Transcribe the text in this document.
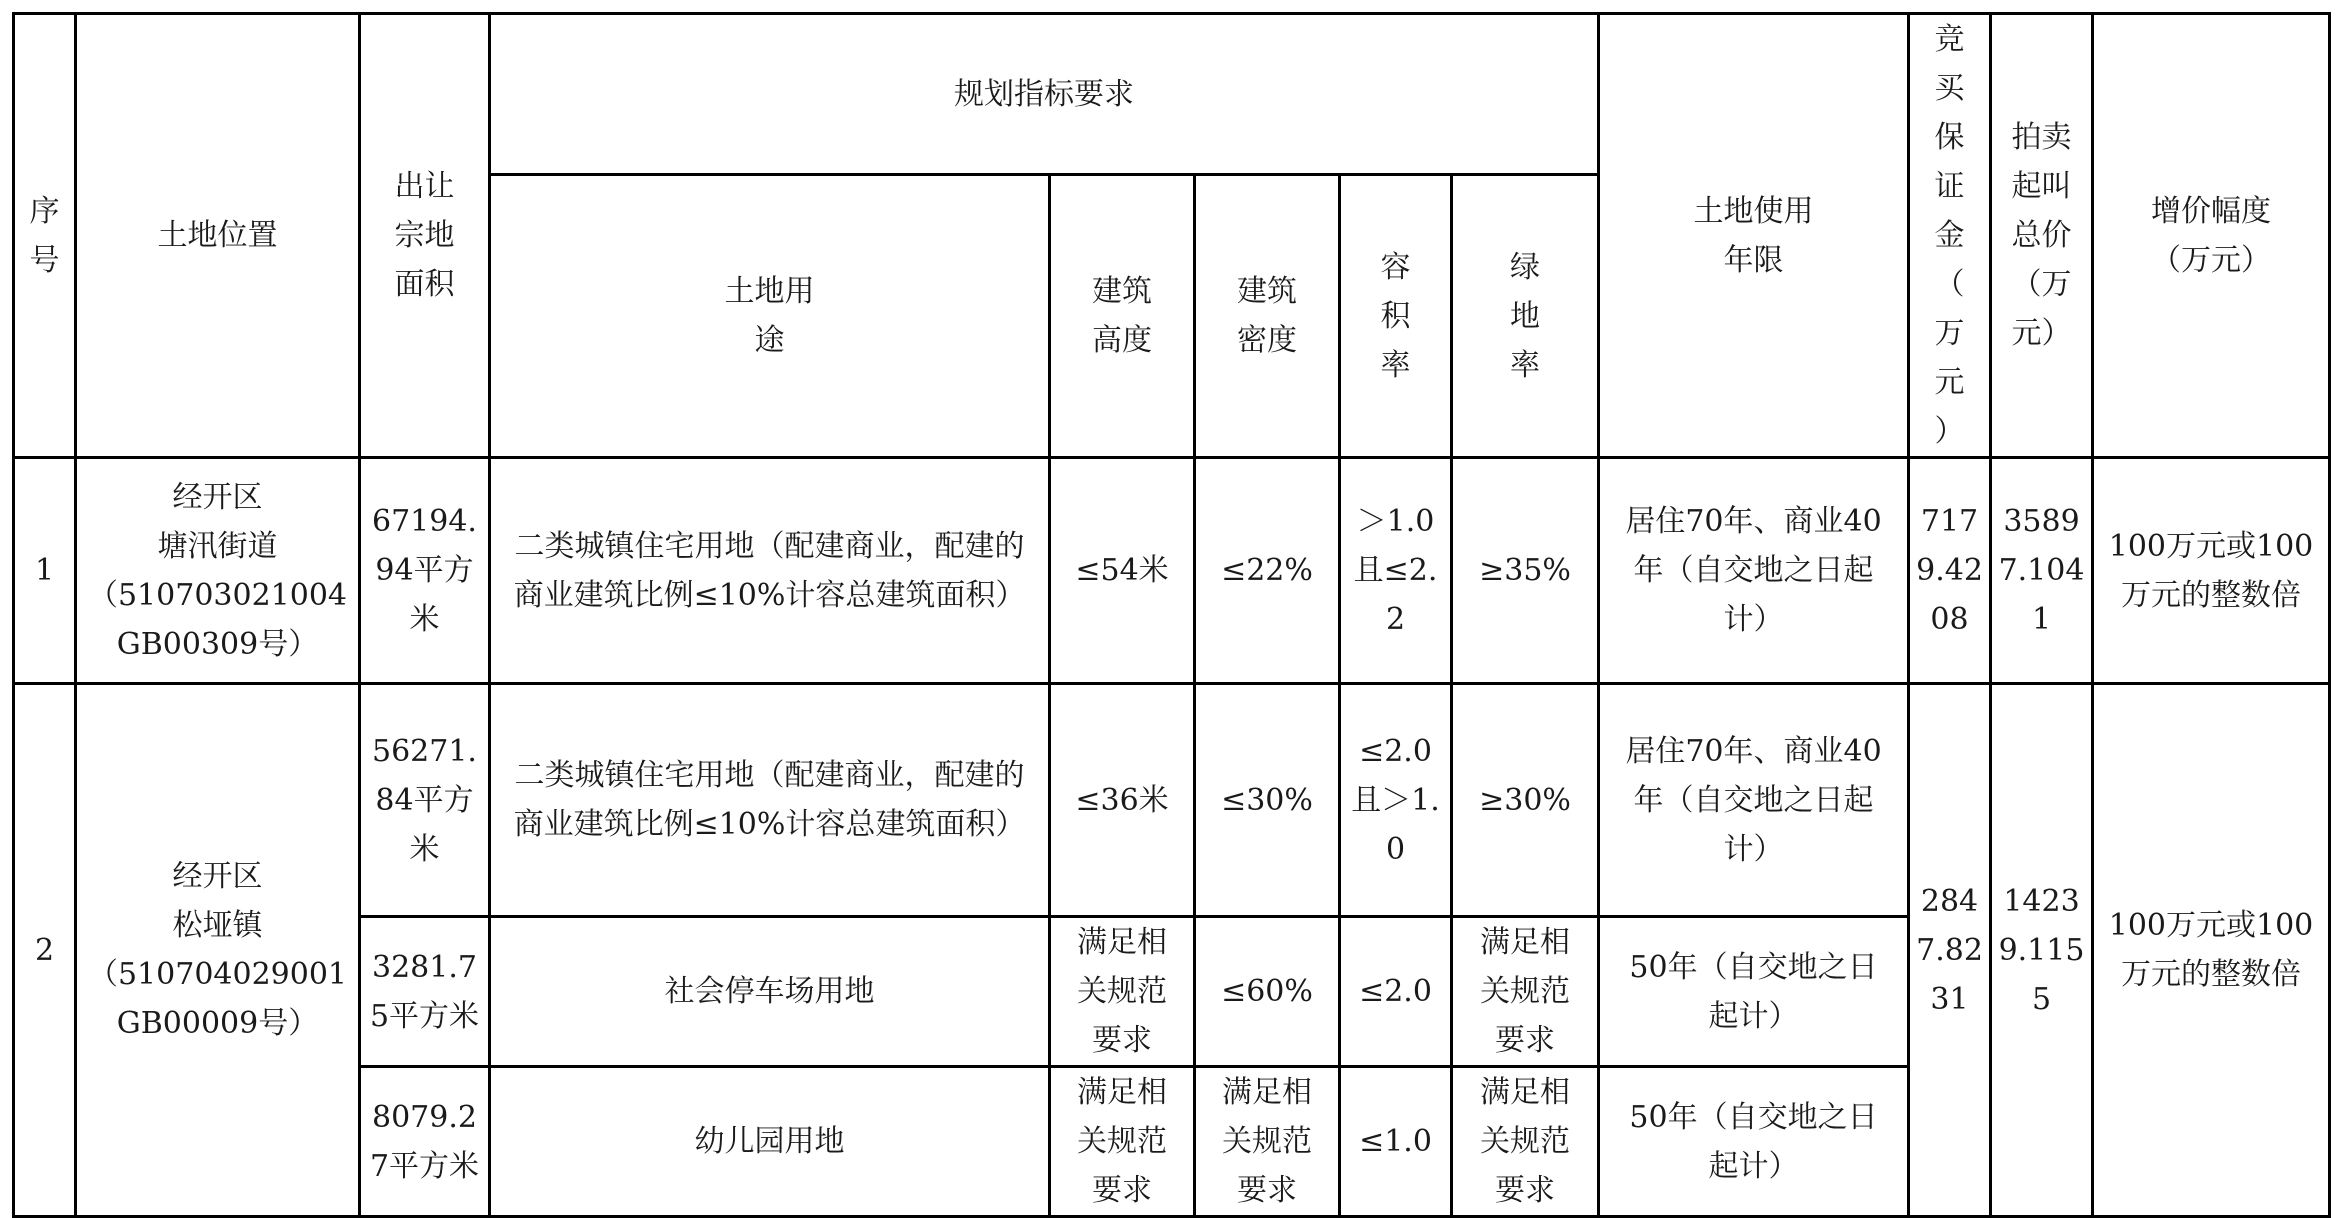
序号	土地位置	出让宗地面积	规划指标要求					土地使用年限	竞买保证金（万元）	拍卖起叫总价（万元）	增价幅度（万元）
			土地用途	建筑高度	建筑密度	容积率	绿地率				
1	经开区
塘汛街道
（510703021004GB00309号）	67194.94平方米	二类城镇住宅用地（配建商业，配建的商业建筑比例≤10%计容总建筑面积）	≤54米	≤22%	＞1.0且≤2.2	≥35%	居住70年、商业40年（自交地之日起计）	7179.4208	35897.1041	100万元或100万元的整数倍
2	经开区
松垭镇
（510704029001GB00009号）	56271.84平方米	二类城镇住宅用地（配建商业，配建的商业建筑比例≤10%计容总建筑面积）	≤36米	≤30%	≤2.0且＞1.0	≥30%	居住70年、商业40年（自交地之日起计）	2847.8231	14239.1155	100万元或100万元的整数倍
		3281.75平方米	社会停车场用地	满足相关规范要求	≤60%	≤2.0	满足相关规范要求	50年（自交地之日起计）			
		8079.27平方米	幼儿园用地	满足相关规范要求	满足相关规范要求	≤1.0	满足相关规范要求	50年（自交地之日起计）			
